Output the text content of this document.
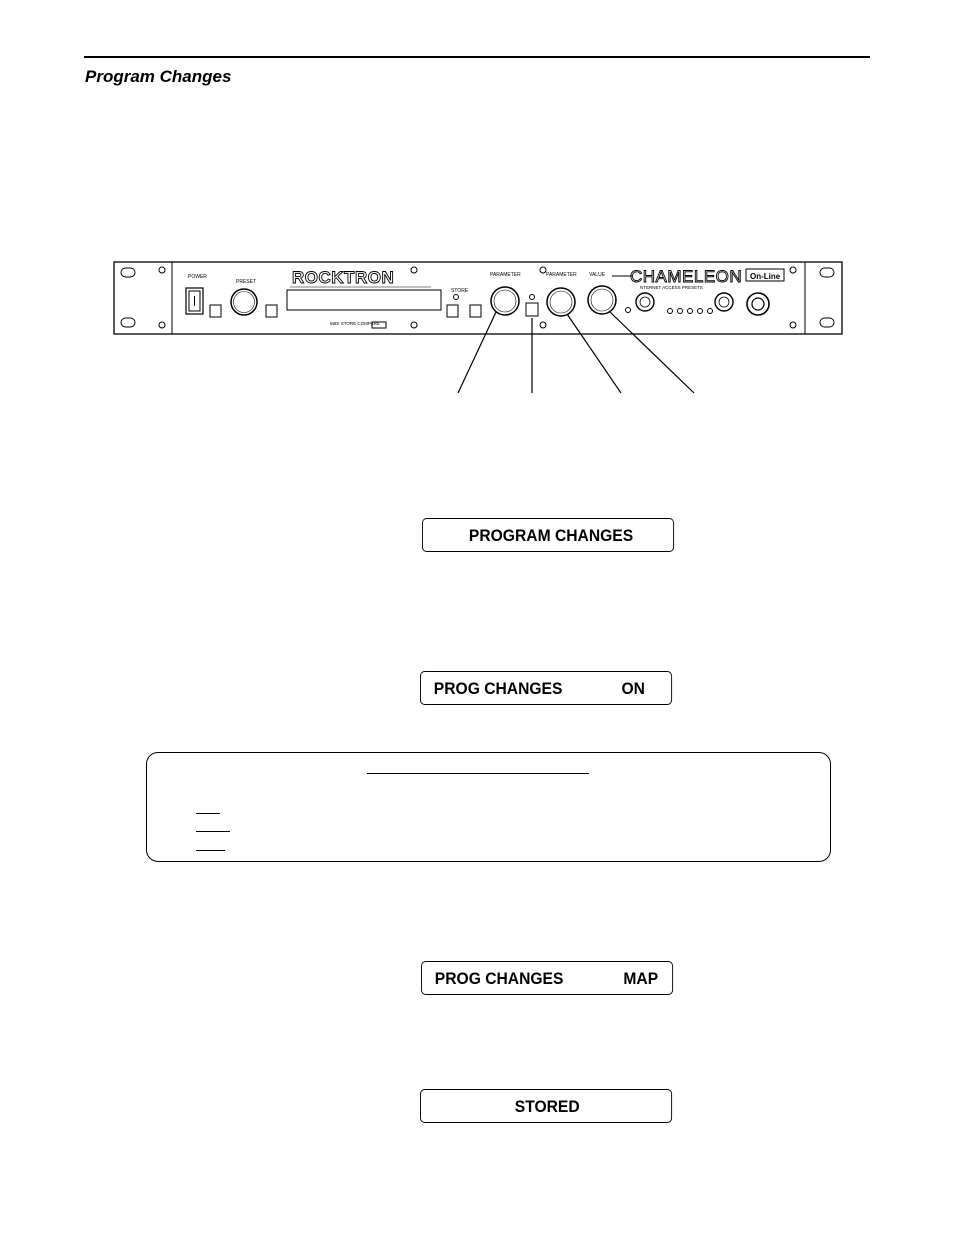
Program Changes
POWER
PRESET ROCKTRON
MIDI STORE COMPARE
STORE
PARAMETER	PARAMETER VALUE CHAMELEON
NTERNET ACCESS PRESETS
On-Line
PROGRAM CHANGES
PROG CHANGES	ON
PROG CHANGES	MAP
STORED
